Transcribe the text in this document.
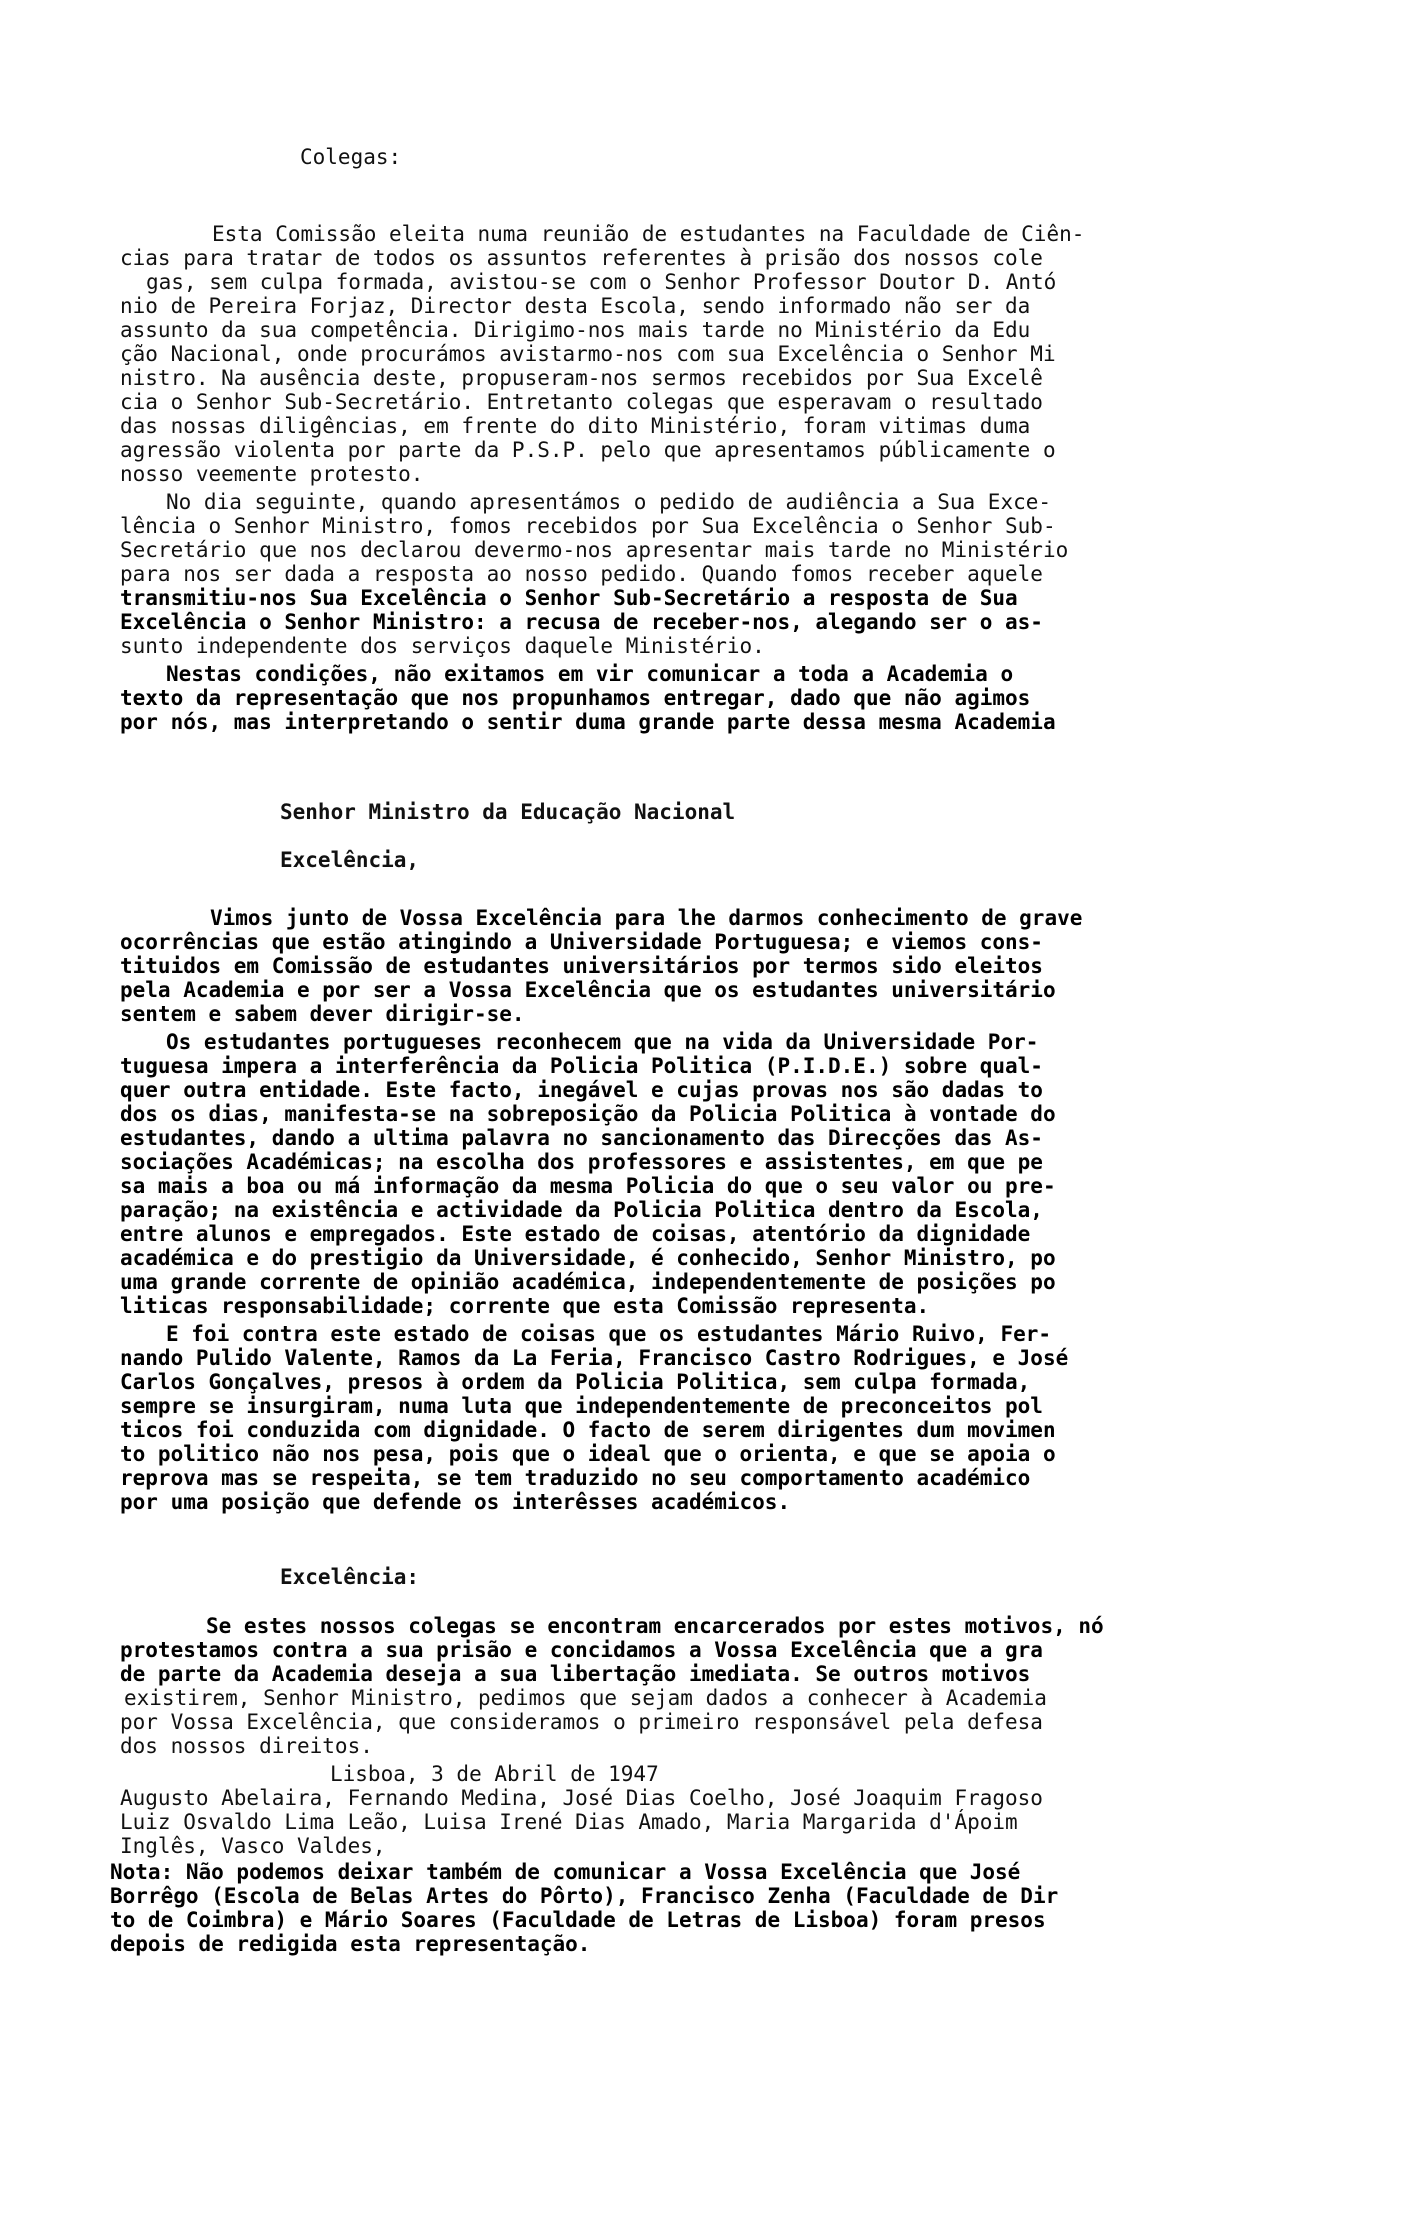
Colegas:
Esta Comissão eleita numa reunião de estudantes na Faculdade de Ciên-
cias para tratar de todos os assuntos referentes à prisão dos nossos cole
gas, sem culpa formada, avistou-se com o Senhor Professor Doutor D. Antó
nio de Pereira Forjaz, Director desta Escola, sendo informado não ser da
assunto da sua competência. Dirigimo-nos mais tarde no Ministério da Edu
ção Nacional, onde procurámos avistarmo-nos com sua Excelência o Senhor Mi
nistro. Na ausência deste, propuseram-nos sermos recebidos por Sua Excelê
cia o Senhor Sub-Secretário. Entretanto colegas que esperavam o resultado
das nossas diligências, em frente do dito Ministério, foram vitimas duma
agressão violenta por parte da P.S.P. pelo que apresentamos públicamente o
nosso veemente protesto.
No dia seguinte, quando apresentámos o pedido de audiência a Sua Exce-
lência o Senhor Ministro, fomos recebidos por Sua Excelência o Senhor Sub-
Secretário que nos declarou devermo-nos apresentar mais tarde no Ministério
para nos ser dada a resposta ao nosso pedido. Quando fomos receber aquele
transmitiu-nos Sua Excelência o Senhor Sub-Secretário a resposta de Sua
Excelência o Senhor Ministro: a recusa de receber-nos, alegando ser o as-
sunto independente dos serviços daquele Ministério.
Nestas condições, não exitamos em vir comunicar a toda a Academia o
texto da representação que nos propunhamos entregar, dado que não agimos
por nós, mas interpretando o sentir duma grande parte dessa mesma Academia
Senhor Ministro da Educação Nacional
Excelência,
Vimos junto de Vossa Excelência para lhe darmos conhecimento de grave
ocorrências que estão atingindo a Universidade Portuguesa; e viemos cons-
tituidos em Comissão de estudantes universitários por termos sido eleitos
pela Academia e por ser a Vossa Excelência que os estudantes universitário
sentem e sabem dever dirigir-se.
Os estudantes portugueses reconhecem que na vida da Universidade Por-
tuguesa impera a interferência da Policia Politica (P.I.D.E.) sobre qual-
quer outra entidade. Este facto, inegável e cujas provas nos são dadas to
dos os dias, manifesta-se na sobreposição da Policia Politica à vontade do
estudantes, dando a ultima palavra no sancionamento das Direcções das As-
sociações Académicas; na escolha dos professores e assistentes, em que pe
sa mais a boa ou má informação da mesma Policia do que o seu valor ou pre-
paração; na existência e actividade da Policia Politica dentro da Escola,
entre alunos e empregados. Este estado de coisas, atentório da dignidade
académica e do prestigio da Universidade, é conhecido, Senhor Ministro, po
uma grande corrente de opinião académica, independentemente de posições po
liticas responsabilidade; corrente que esta Comissão representa.
E foi contra este estado de coisas que os estudantes Mário Ruivo, Fer-
nando Pulido Valente, Ramos da La Feria, Francisco Castro Rodrigues, e José
Carlos Gonçalves, presos à ordem da Policia Politica, sem culpa formada,
sempre se insurgiram, numa luta que independentemente de preconceitos pol
ticos foi conduzida com dignidade. O facto de serem dirigentes dum movimen
to politico não nos pesa, pois que o ideal que o orienta, e que se apoia o
reprova mas se respeita, se tem traduzido no seu comportamento académico
por uma posição que defende os interêsses académicos.
Excelência:
Se estes nossos colegas se encontram encarcerados por estes motivos, nó
protestamos contra a sua prisão e concidamos a Vossa Excelência que a gra
de parte da Academia deseja a sua libertação imediata. Se outros motivos
existirem, Senhor Ministro, pedimos que sejam dados a conhecer à Academia
por Vossa Excelência, que consideramos o primeiro responsável pela defesa
dos nossos direitos.
Lisboa, 3 de Abril de 1947
Augusto Abelaira, Fernando Medina, José Dias Coelho, José Joaquim Fragoso
Luiz Osvaldo Lima Leão, Luisa Irené Dias Amado, Maria Margarida d'Ápoim
Inglês, Vasco Valdes,
Nota: Não podemos deixar também de comunicar a Vossa Excelência que José
Borrêgo (Escola de Belas Artes do Pôrto), Francisco Zenha (Faculdade de Dir
to de Coimbra) e Mário Soares (Faculdade de Letras de Lisboa) foram presos
depois de redigida esta representação.
